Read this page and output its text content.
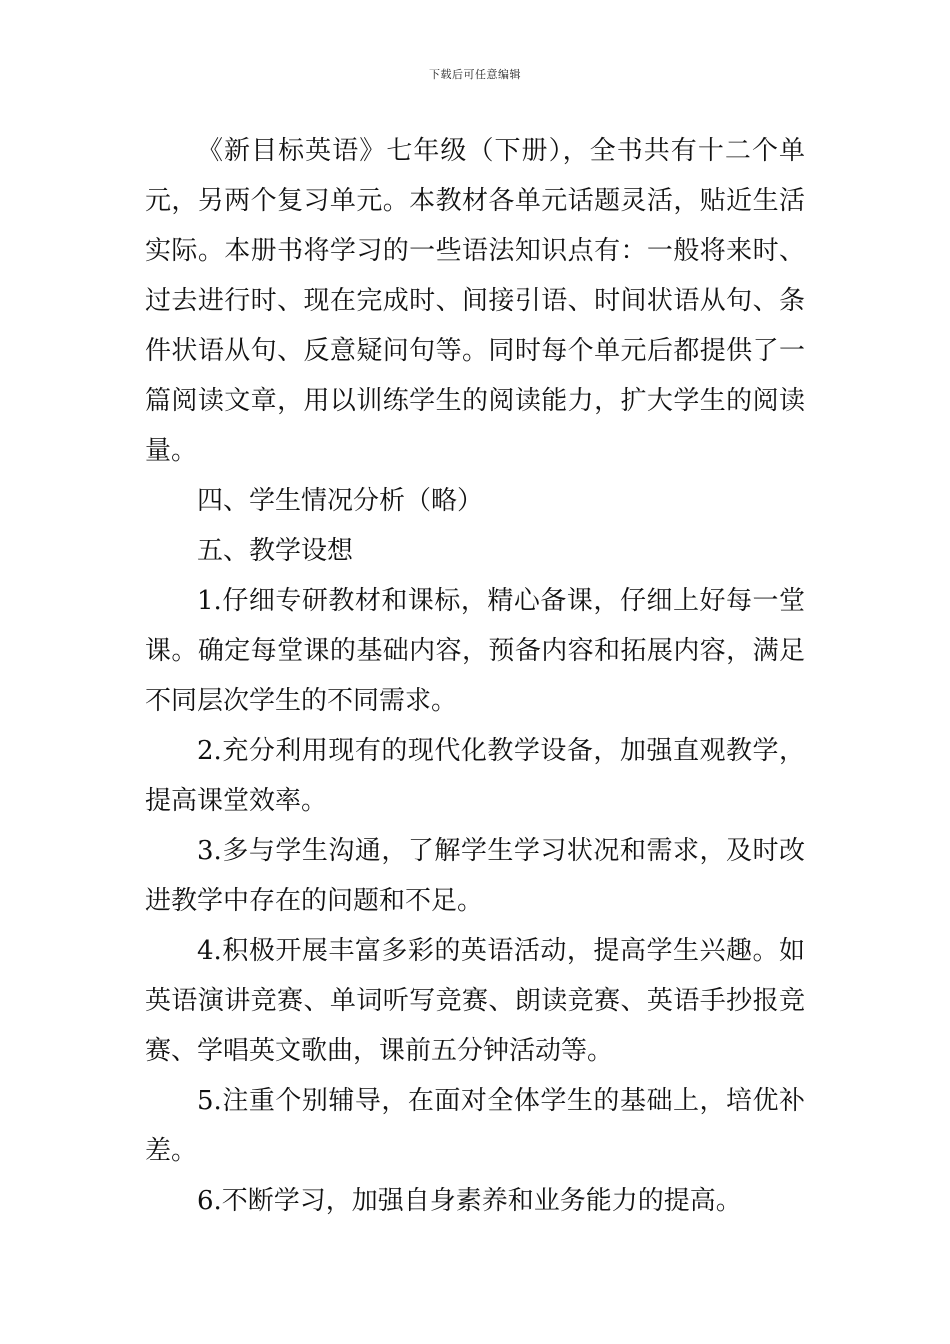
下载后可任意编辑

《新目标英语》七年级（下册），全书共有十二个单元，另两个复习单元。本教材各单元话题灵活，贴近生活实际。本册书将学习的一些语法知识点有：一般将来时、过去进行时、现在完成时、间接引语、时间状语从句、条件状语从句、反意疑问句等。同时每个单元后都提供了一篇阅读文章，用以训练学生的阅读能力，扩大学生的阅读量。

四、学生情况分析（略）

五、教学设想

1.仔细专研教材和课标，精心备课，仔细上好每一堂课。确定每堂课的基础内容，预备内容和拓展内容，满足不同层次学生的不同需求。

2.充分利用现有的现代化教学设备，加强直观教学，提高课堂效率。

3.多与学生沟通，了解学生学习状况和需求，及时改进教学中存在的问题和不足。

4.积极开展丰富多彩的英语活动，提高学生兴趣。如英语演讲竞赛、单词听写竞赛、朗读竞赛、英语手抄报竞赛、学唱英文歌曲，课前五分钟活动等。

5.注重个别辅导，在面对全体学生的基础上，培优补差。

6.不断学习，加强自身素养和业务能力的提高。
